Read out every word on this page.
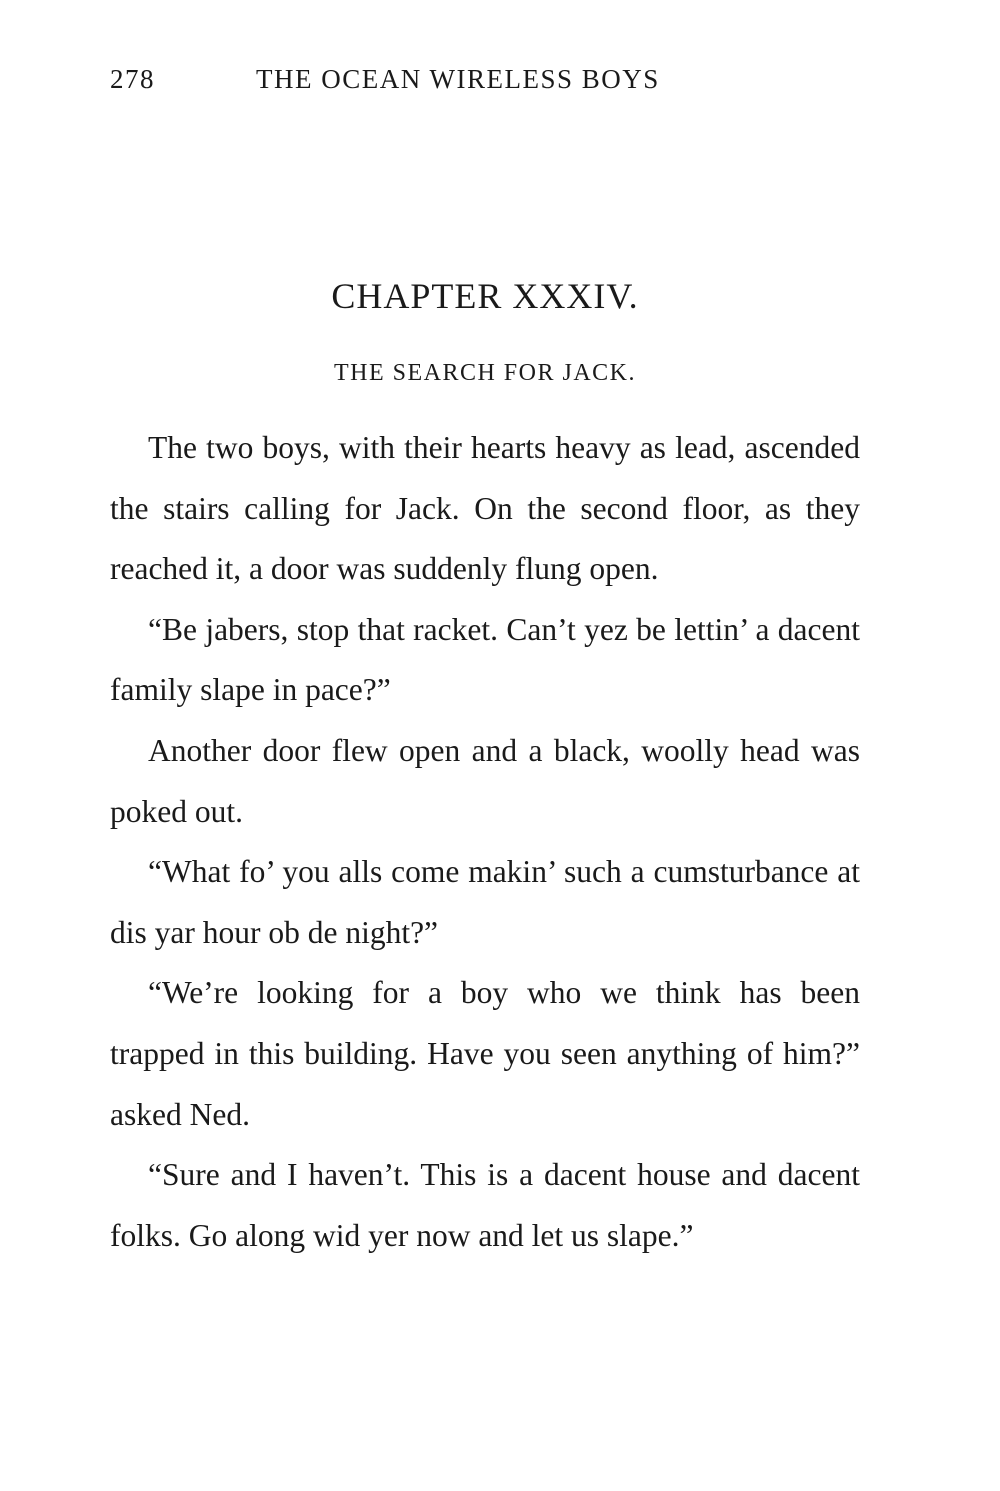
278	THE OCEAN WIRELESS BOYS
CHAPTER XXXIV.
THE SEARCH FOR JACK.

The two boys, with their hearts heavy as lead, ascended the stairs calling for Jack. On the second floor, as they reached it, a door was suddenly flung open.

“Be jabers, stop that racket. Can’t yez be lettin’ a dacent family slape in pace?”

Another door flew open and a black, woolly head was poked out.

“What fo’ you alls come makin’ such a cumsturbance at dis yar hour ob de night?”

“We’re looking for a boy who we think has been trapped in this building. Have you seen anything of him?” asked Ned.

“Sure and I haven’t. This is a dacent house and dacent folks. Go along wid yer now and let us slape.”
